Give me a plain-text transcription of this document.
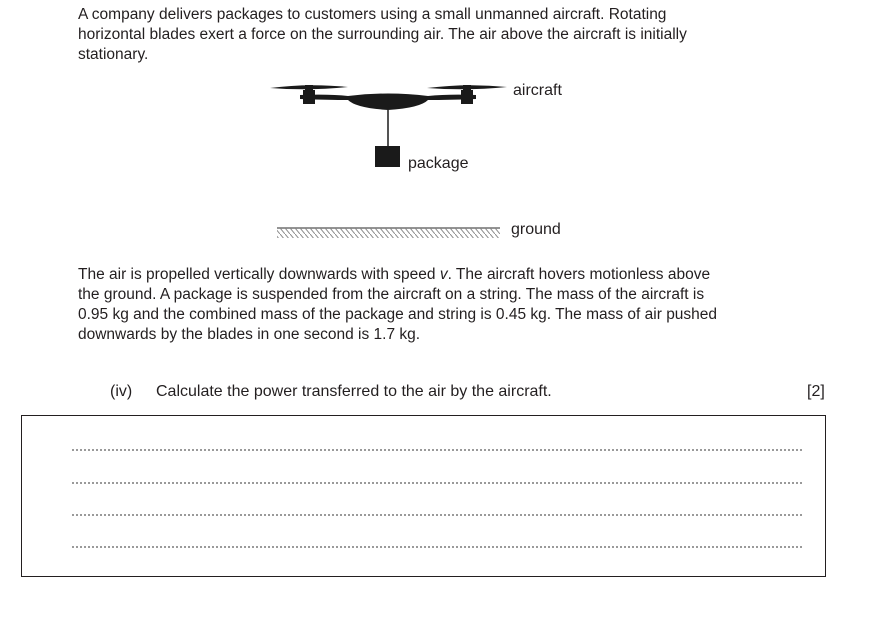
A company delivers packages to customers using a small unmanned aircraft. Rotating
horizontal blades exert a force on the surrounding air. The air above the aircraft is initially
stationary.

aircraft
package
ground

The air is propelled vertically downwards with speed v. The aircraft hovers motionless above
the ground. A package is suspended from the aircraft on a string. The mass of the aircraft is
0.95 kg and the combined mass of the package and string is 0.45 kg. The mass of air pushed
downwards by the blades in one second is 1.7 kg.

(iv) Calculate the power transferred to the air by the aircraft.	[2]
